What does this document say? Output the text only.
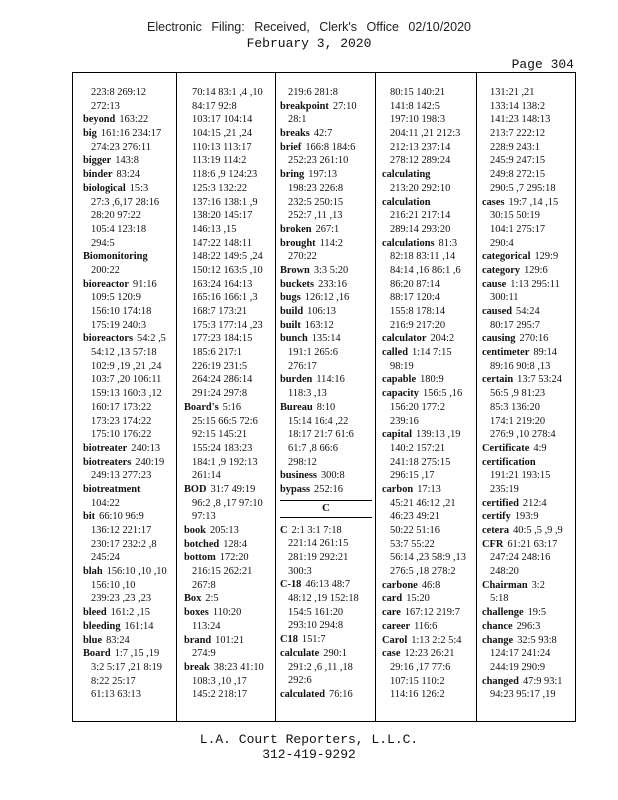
Electronic Filing: Received, Clerk's Office 02/10/2020
February 3, 2020
Page 304
223:8 269:12
272:13
beyond 163:22
big 161:16 234:17
274:23 276:11
bigger 143:8
binder 83:24
biological 15:3
27:3 ,6,17 28:16
28:20 97:22
105:4 123:18
294:5
Biomonitoring
200:22
bioreactor 91:16
109:5 120:9
156:10 174:18
175:19 240:3
bioreactors 54:2 ,5
54:12 ,13 57:18
102:9 ,19 ,21 ,24
103:7 ,20 106:11
159:13 160:3 ,12
160:17 173:22
173:23 174:22
175:10 176:22
biotreater 240:13
biotreaters 240:19
249:13 277:23
biotreatment
104:22
bit 66:10 96:9
136:12 221:17
230:17 232:2 ,8
245:24
blah 156:10 ,10 ,10
156:10 ,10
239:23 ,23 ,23
bleed 161:2 ,15
bleeding 161:14
blue 83:24
Board 1:7 ,15 ,19
3:2 5:17 ,21 8:19
8:22 25:17
61:13 63:13
70:14 83:1 ,4 ,10
84:17 92:8
103:17 104:14
104:15 ,21 ,24
110:13 113:17
113:19 114:2
118:6 ,9 124:23
125:3 132:22
137:16 138:1 ,9
138:20 145:17
146:13 ,15
147:22 148:11
148:22 149:5 ,24
150:12 163:5 ,10
163:24 164:13
165:16 166:1 ,3
168:7 173:21
175:3 177:14 ,23
177:23 184:15
185:6 217:1
226:19 231:5
264:24 286:14
291:24 297:8
Board's 5:16
25:15 66:5 72:6
92:15 145:21
155:24 183:23
184:1 ,9 192:13
261:14
BOD 31:7 49:19
96:2 ,8 ,17 97:10
97:13
book 205:13
botched 128:4
bottom 172:20
216:15 262:21
267:8
Box 2:5
boxes 110:20
113:24
brand 101:21
274:9
break 38:23 41:10
108:3 ,10 ,17
145:2 218:17
219:6 281:8
breakpoint 27:10
28:1
breaks 42:7
brief 166:8 184:6
252:23 261:10
bring 197:13
198:23 226:8
232:5 250:15
252:7 ,11 ,13
broken 267:1
brought 114:2
270:22
Brown 3:3 5:20
buckets 233:16
bugs 126:12 ,16
build 106:13
built 163:12
bunch 135:14
191:1 265:6
276:17
burden 114:16
118:3 ,13
Bureau 8:10
15:14 16:4 ,22
18:17 21:7 61:6
61:7 ,8 66:6
298:12
business 300:8
bypass 252:16
C
C 2:1 3:1 7:18
221:14 261:15
281:19 292:21
300:3
C-18 46:13 48:7
48:12 ,19 152:18
154:5 161:20
293:10 294:8
C18 151:7
calculate 290:1
291:2 ,6 ,11 ,18
292:6
calculated 76:16
80:15 140:21
141:8 142:5
197:10 198:3
204:11 ,21 212:3
212:13 237:14
278:12 289:24
calculating
213:20 292:10
calculation
216:21 217:14
289:14 293:20
calculations 81:3
82:18 83:11 ,14
84:14 ,16 86:1 ,6
86:20 87:14
88:17 120:4
155:8 178:14
216:9 217:20
calculator 204:2
called 1:14 7:15
98:19
capable 180:9
capacity 156:5 ,16
156:20 177:2
239:16
capital 139:13 ,19
140:2 157:21
241:18 275:15
296:15 ,17
carbon 17:13
45:21 46:12 ,21
46:23 49:21
50:22 51:16
53:7 55:22
56:14 ,23 58:9 ,13
276:5 ,18 278:2
carbone 46:8
card 15:20
care 167:12 219:7
career 116:6
Carol 1:13 2:2 5:4
case 12:23 26:21
29:16 ,17 77:6
107:15 110:2
114:16 126:2
131:21 ,21
133:14 138:2
141:23 148:13
213:7 222:12
228:9 243:1
245:9 247:15
249:8 272:15
290:5 ,7 295:18
cases 19:7 ,14 ,15
30:15 50:19
104:1 275:17
290:4
categorical 129:9
category 129:6
cause 1:13 295:11
300:11
caused 54:24
80:17 295:7
causing 270:16
centimeter 89:14
89:16 90:8 ,13
certain 13:7 53:24
56:5 ,9 81:23
85:3 136:20
174:1 219:20
276:9 ,10 278:4
Certificate 4:9
certification
191:21 193:15
235:19
certified 212:4
certify 193:9
cetera 40:5 ,5 ,9 ,9
CFR 61:21 63:17
247:24 248:16
248:20
Chairman 3:2
5:18
challenge 19:5
chance 296:3
change 32:5 93:8
124:17 241:24
244:19 290:9
changed 47:9 93:1
94:23 95:17 ,19
L.A. Court Reporters, L.L.C.
312-419-9292
